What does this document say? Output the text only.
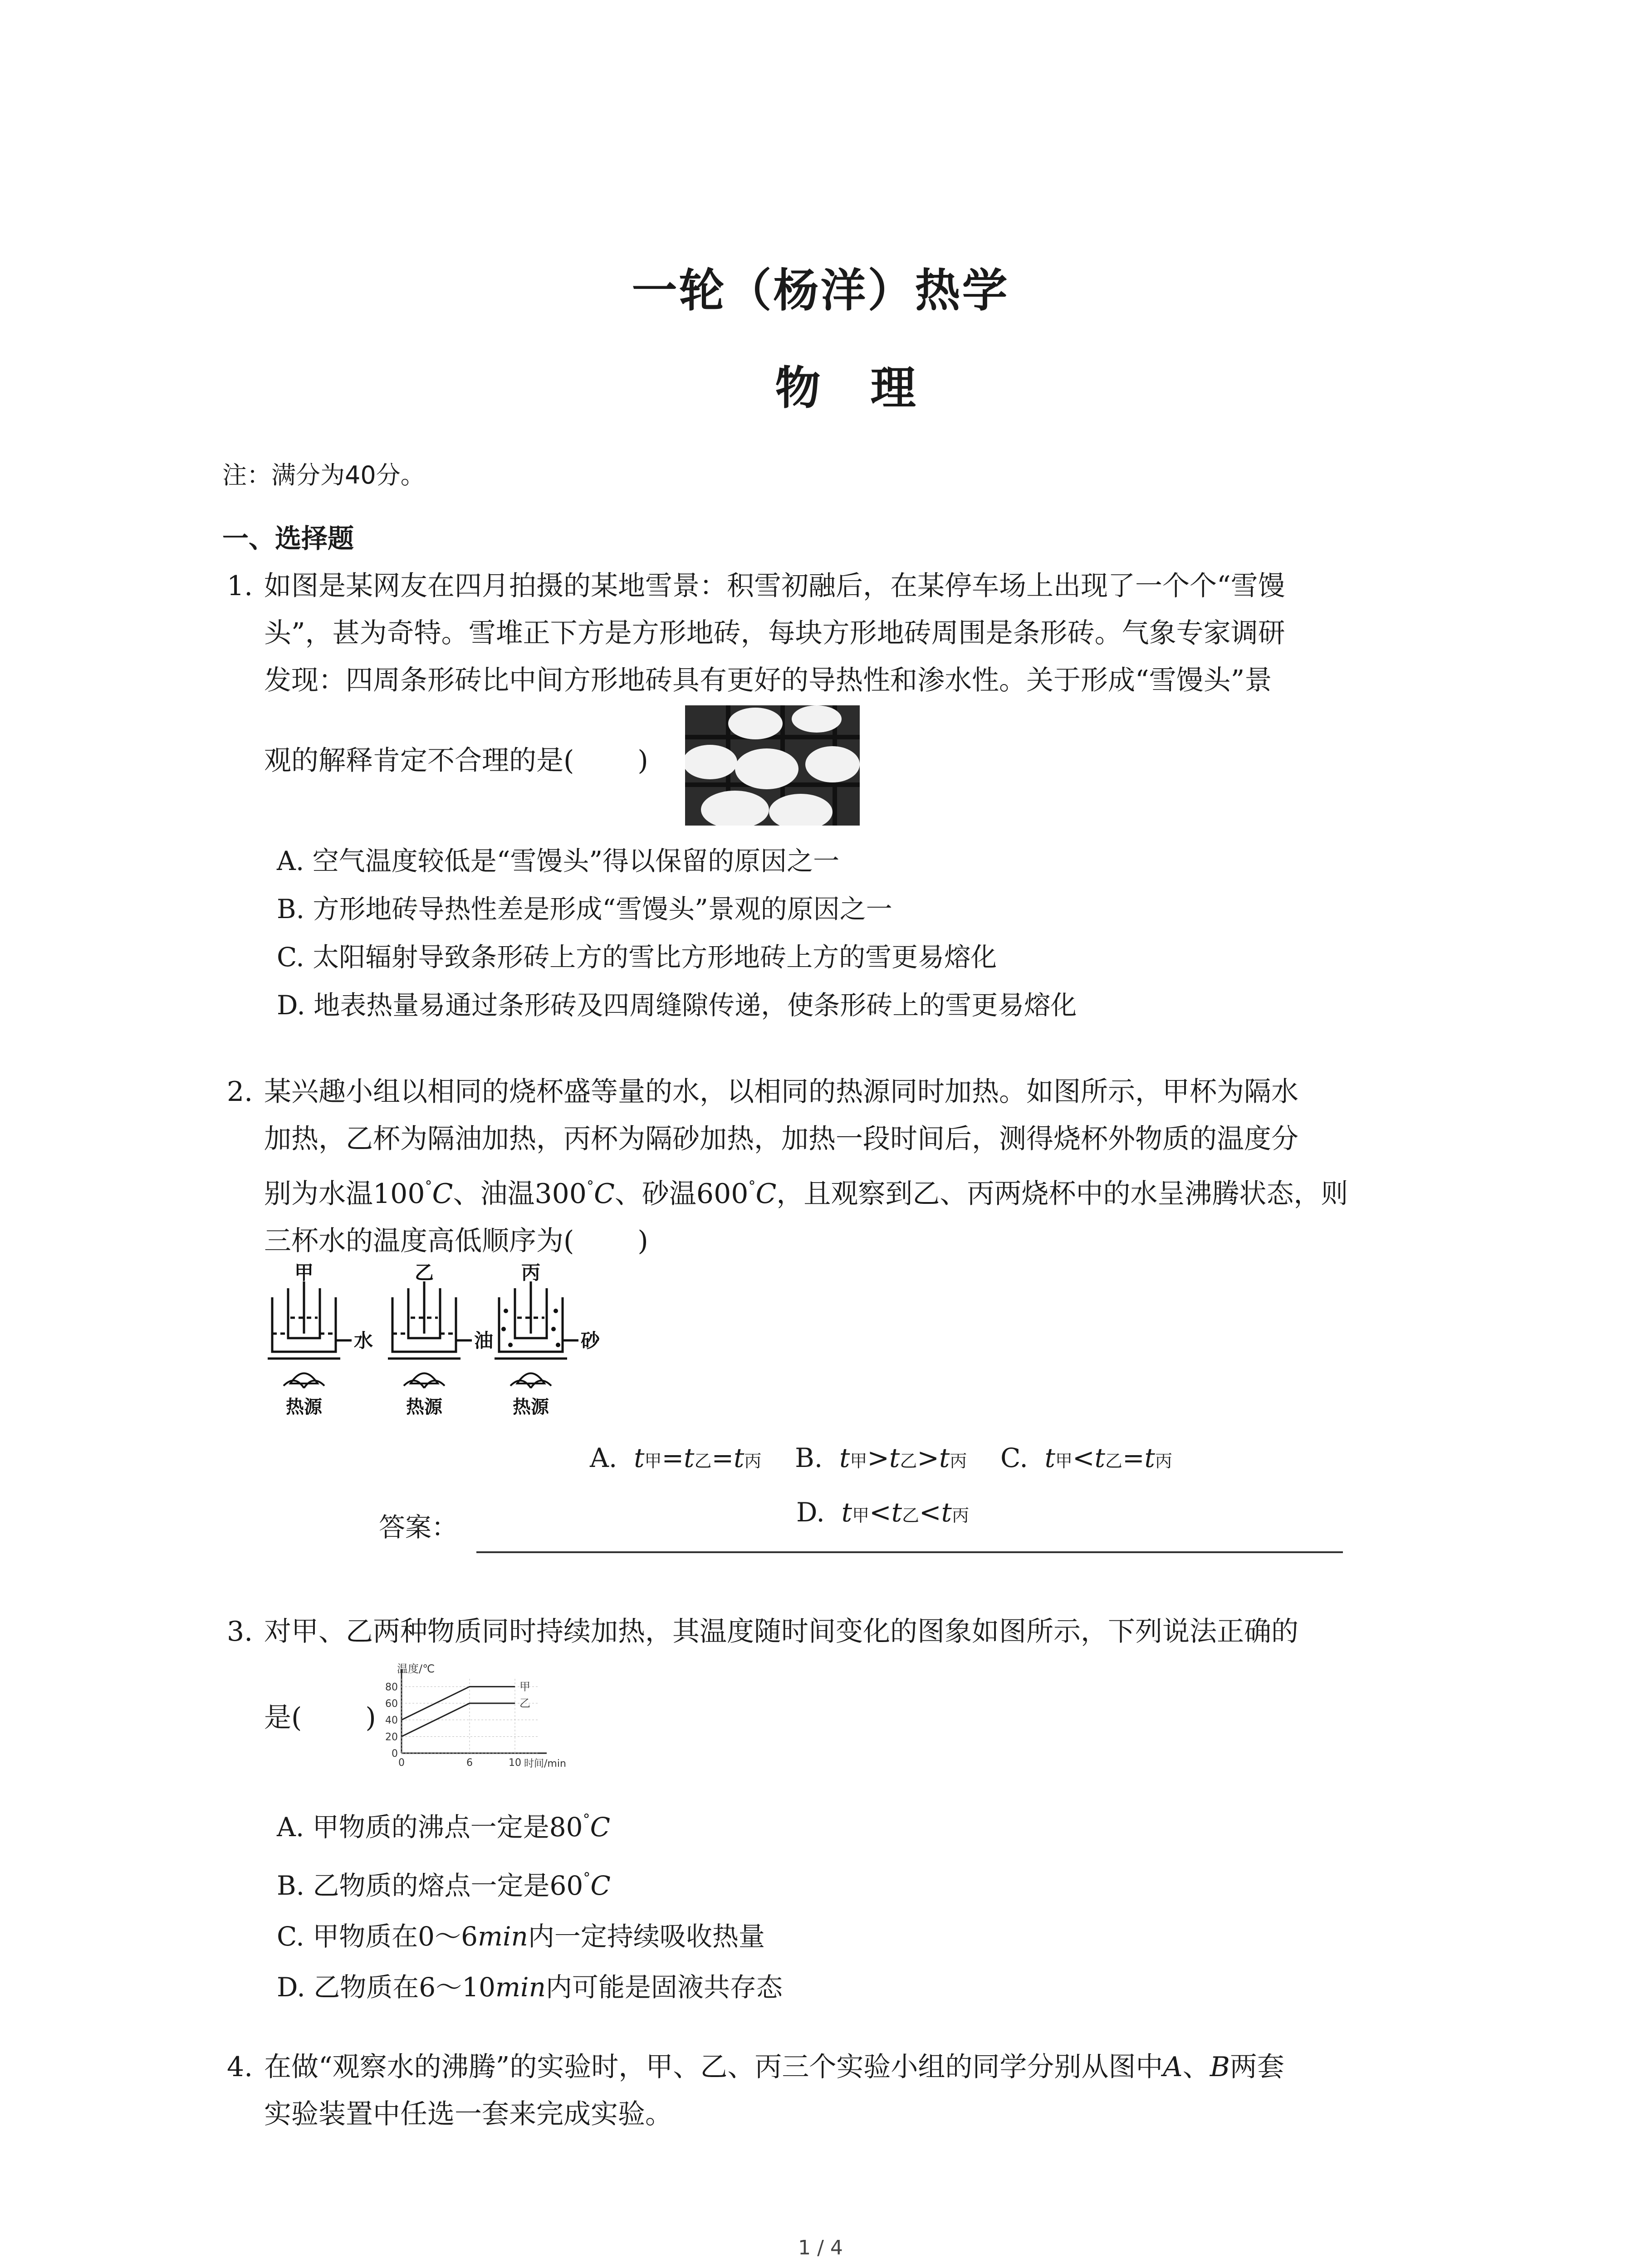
一轮（杨洋）热学
物理
注：满分为40分。
一、选择题
1. 如图是某网友在四月拍摄的某地雪景：积雪初融后，在某停车场上出现了一个个“雪馒
头”，甚为奇特。雪堆正下方是方形地砖，每块方形地砖周围是条形砖。气象专家调研
发现：四周条形砖比中间方形地砖具有更好的导热性和渗水性。关于形成“雪馒头”景
观的解释肯定不合理的是( )
A. 空气温度较低是“雪馒头”得以保留的原因之一
B. 方形地砖导热性差是形成“雪馒头”景观的原因之一
C. 太阳辐射导致条形砖上方的雪比方形地砖上方的雪更易熔化
D. 地表热量易通过条形砖及四周缝隙传递，使条形砖上的雪更易熔化
2. 某兴趣小组以相同的烧杯盛等量的水，以相同的热源同时加热。如图所示，甲杯为隔水
加热，乙杯为隔油加热，丙杯为隔砂加热，加热一段时间后，测得烧杯外物质的温度分
别为水温100°C、油温300°C、砂温600°C，且观察到乙、丙两烧杯中的水呈沸腾状态，则
三杯水的温度高低顺序为( )
甲	乙	丙
水	油	砂
热源	热源	热源
A. t甲=t乙=t丙 B. t甲>t乙>t丙 C. t甲<t乙=t丙
答案：	D. t甲<t乙<t丙
3. 对甲、乙两种物质同时持续加热，其温度随时间变化的图象如图所示，下列说法正确的
是( )
0
20
40
60
80
0	6	10
甲
乙
温度/℃
时间/min
A. 甲物质的沸点一定是80°C
B. 乙物质的熔点一定是60°C
C. 甲物质在0～6min内一定持续吸收热量
D. 乙物质在6～10min内可能是固液共存态
4. 在做“观察水的沸腾”的实验时，甲、乙、丙三个实验小组的同学分别从图中A、B两套
实验装置中任选一套来完成实验。
1 / 4
